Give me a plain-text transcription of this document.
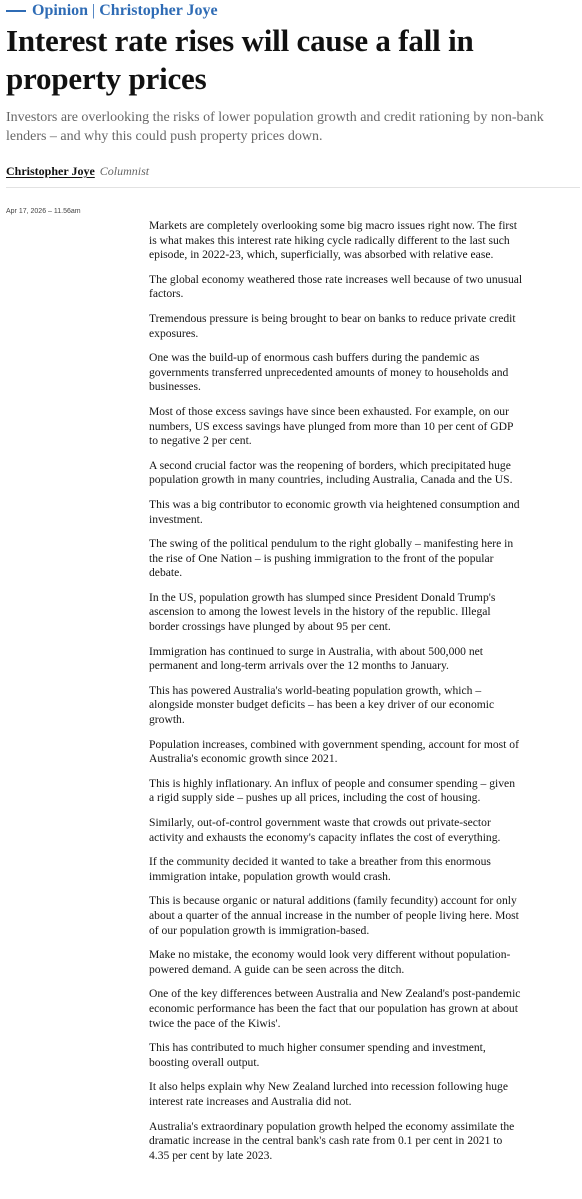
Opinion | Christopher Joye
Interest rate rises will cause a fall in property prices

Investors are overlooking the risks of lower population growth and credit rationing by non-bank lenders – and why this could push property prices down.

Christopher Joye Columnist
Apr 17, 2026 – 11.56am

Markets are completely overlooking some big macro issues right now. The first is what makes this interest rate hiking cycle radically different to the last such episode, in 2022-23, which, superficially, was absorbed with relative ease.

The global economy weathered those rate increases well because of two unusual factors.

Tremendous pressure is being brought to bear on banks to reduce private credit exposures.

One was the build-up of enormous cash buffers during the pandemic as governments transferred unprecedented amounts of money to households and businesses.

Most of those excess savings have since been exhausted. For example, on our numbers, US excess savings have plunged from more than 10 per cent of GDP to negative 2 per cent.

A second crucial factor was the reopening of borders, which precipitated huge population growth in many countries, including Australia, Canada and the US.

This was a big contributor to economic growth via heightened consumption and investment.

The swing of the political pendulum to the right globally – manifesting here in the rise of One Nation – is pushing immigration to the front of the popular debate.

In the US, population growth has slumped since President Donald Trump's ascension to among the lowest levels in the history of the republic. Illegal border crossings have plunged by about 95 per cent.

Immigration has continued to surge in Australia, with about 500,000 net permanent and long-term arrivals over the 12 months to January.

This has powered Australia's world-beating population growth, which – alongside monster budget deficits – has been a key driver of our economic growth.

Population increases, combined with government spending, account for most of Australia's economic growth since 2021.

This is highly inflationary. An influx of people and consumer spending – given a rigid supply side – pushes up all prices, including the cost of housing.

Similarly, out-of-control government waste that crowds out private-sector activity and exhausts the economy's capacity inflates the cost of everything.

If the community decided it wanted to take a breather from this enormous immigration intake, population growth would crash.

This is because organic or natural additions (family fecundity) account for only about a quarter of the annual increase in the number of people living here. Most of our population growth is immigration-based.

Make no mistake, the economy would look very different without population-powered demand. A guide can be seen across the ditch.

One of the key differences between Australia and New Zealand's post-pandemic economic performance has been the fact that our population has grown at about twice the pace of the Kiwis'.

This has contributed to much higher consumer spending and investment, boosting overall output.

It also helps explain why New Zealand lurched into recession following huge interest rate increases and Australia did not.

Australia's extraordinary population growth helped the economy assimilate the dramatic increase in the central bank's cash rate from 0.1 per cent in 2021 to 4.35 per cent by late 2023.
